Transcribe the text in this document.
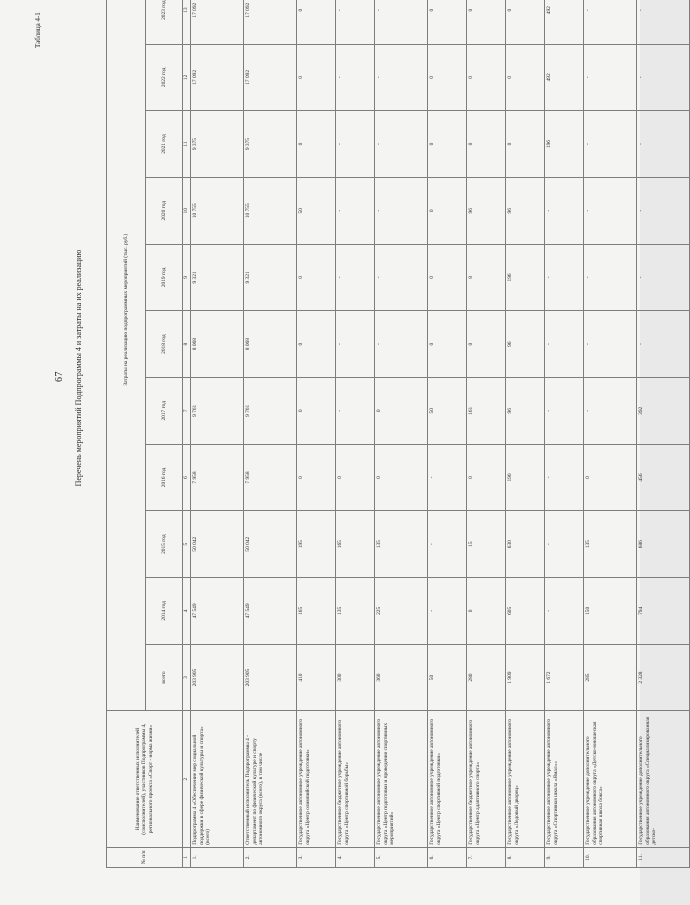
67
Таблица 4-1
Перечень мероприятий Подпрограммы 4 и затраты на их реализацию
№ п/п	Наименование ответственных исполнителей (соисполнителей), участников Подпрограммы 4, регионального проекта «Спорт - норма жизни»	Затраты на реализацию подпрограммных мероприятий (тыс. руб.)											
		всего	2014 год	2015 год	2016 год	2017 год	2018 год	2019 год	2020 год	2021 год	2022 год	2023 год	
1	2	3	4	5	6	7	8	9	10	11	12	13	
1.	Подпрограмма 4 «Обеспечение мер социальной поддержки в сфере физической культуры и спорта» (всего)	203 905	47 549	50 042	7 958	9 761	8 068	9 321	10 755	9 375	17 092	17 092	
2.	Ответственный исполнитель Подпрограммы 4 - департамент по физической культуре и спорту автономного округа (всего), в том числе	203 905	47 549	50 042	7 958	9 761	8 068	9 321	10 755	9 375	17 092	17 092	
3.	Государственное автономное учреждение автономного округа «Центр олимпийской подготовки»	410	165	195	0	0	0	0	50	0	0	0	
4.	Государственное бюджетное учреждение автономного округа «Центр спортивной борьбы»	300	135	165	0	-	-	-	-	-	-	-	
5.	Государственное автономное учреждение автономного округа «Центр подготовки и проведения спортивных мероприятий»	360	225	135	0	0	-	-	-	-	-	-	
6.	Государственное автономное учреждение автономного округа «Центр спортивной подготовки»	50	-	-	-	50	0	0	0	0	0	0	
7.	Государственное бюджетное учреждение автономного округа «Центр адаптивного спорта»	280	0	15	0	161	0	8	96	0	0	0	
8.	Государственное автономное учреждение автономного округа «Ледовый дворец»	1 909	605	630	190	96	96	196	96	0	0	0	
9.	Государственное автономное учреждение автономного округа «Спортивная школа «Ямал»»	1 672	-	-	-	-	-	-	-	196	492	492	
10.	Государственное учреждение дополнительного образования автономного округа «Детско-юношеская спортивная школа бокса»	285	150	135	0	-	-	-	-	-	-	-	
11.	Государственное учреждение дополнительного образования автономного округа «Специализированная детско-	2 328	794	686	456	392	-	-	-	-	-	-	
